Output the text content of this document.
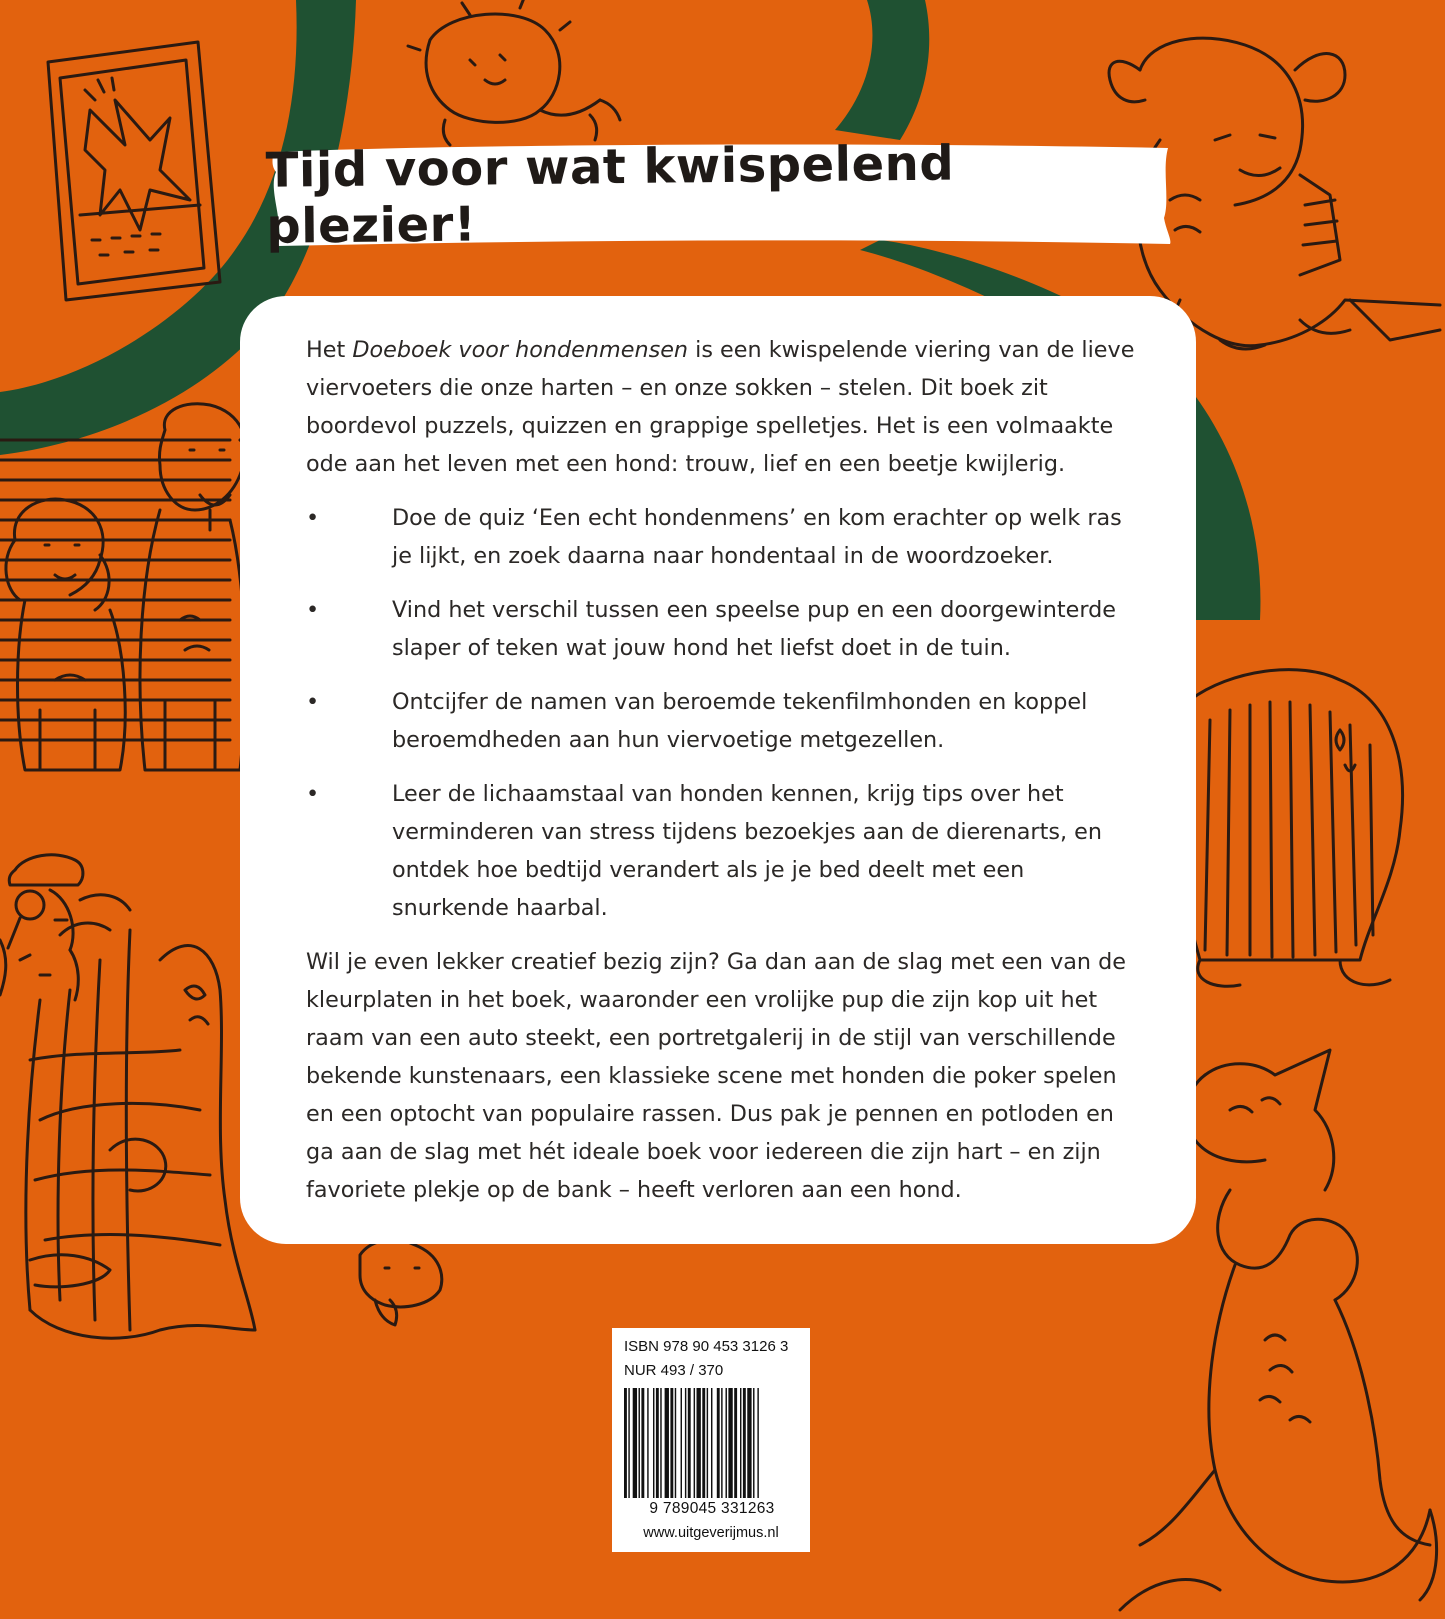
Tijd voor wat kwispelend plezier!

Het Doeboek voor hondenmensen is een kwispelende viering van de lieve viervoeters die onze harten – en onze sokken – stelen. Dit boek zit boordevol puzzels, quizzen en grappige spelletjes. Het is een volmaakte ode aan het leven met een hond: trouw, lief en een beetje kwijlerig.

•	Doe de quiz ‘Een echt hondenmens’ en kom erachter op welk ras je lijkt, en zoek daarna naar hondentaal in de woordzoeker.
•	Vind het verschil tussen een speelse pup en een doorgewinterde slaper of teken wat jouw hond het liefst doet in de tuin.
•	Ontcijfer de namen van beroemde tekenfilmhonden en koppel beroemdheden aan hun viervoetige metgezellen.
•	Leer de lichaamstaal van honden kennen, krijg tips over het verminderen van stress tijdens bezoekjes aan de dierenarts, en ontdek hoe bedtijd verandert als je je bed deelt met een snurkende haarbal.

Wil je even lekker creatief bezig zijn? Ga dan aan de slag met een van de kleurplaten in het boek, waaronder een vrolijke pup die zijn kop uit het raam van een auto steekt, een portretgalerij in de stijl van verschillende bekende kunstenaars, een klassieke scene met honden die poker spelen en een optocht van populaire rassen. Dus pak je pennen en potloden en ga aan de slag met hét ideale boek voor iedereen die zijn hart – en zijn favoriete plekje op de bank – heeft verloren aan een hond.

ISBN 978 90 453 3126 3
NUR 493 / 370
9 789045 331263
www.uitgeverijmus.nl
